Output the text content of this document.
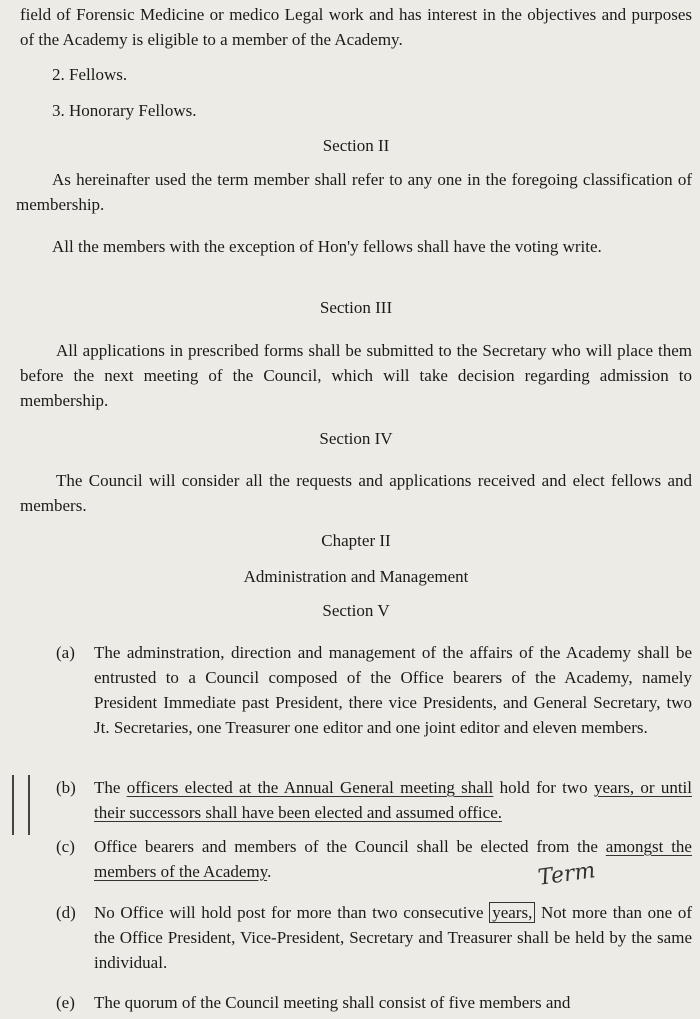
field of Forensic Medicine or medico Legal work and has interest in the objectives and purposes of the Academy is eligible to a member of the Academy.

2. Fellows.

3. Honorary Fellows.

Section II

As hereinafter used the term member shall refer to any one in the foregoing classification of membership.

All the members with the exception of Hon'y fellows shall have the voting write.

Section III

All applications in prescribed forms shall be submitted to the Secretary who will place them before the next meeting of the Council, which will take decision regarding admission to membership.

Section IV

The Council will consider all the requests and applications received and elect fellows and members.

Chapter II

Administration and Management

Section V

(a) The adminstration, direction and management of the affairs of the Academy shall be entrusted to a Council composed of the Office bearers of the Academy, namely President Immediate past President, there vice Presidents, and General Secretary, two Jt. Secretaries, one Treasurer one editor and one joint editor and eleven members.
(b) The officers elected at the Annual General meeting shall hold for two years, or until their successors shall have been elected and assumed office.
(c) Office bearers and members of the Council shall be elected from the amongst the members of the Academy.	Term
(d) No Office will hold post for more than two consecutive years, Not more than one of the Office President, Vice-President, Secretary and Treasurer shall be held by the same individual.
(e) The quorum of the Council meeting shall consist of five members and
